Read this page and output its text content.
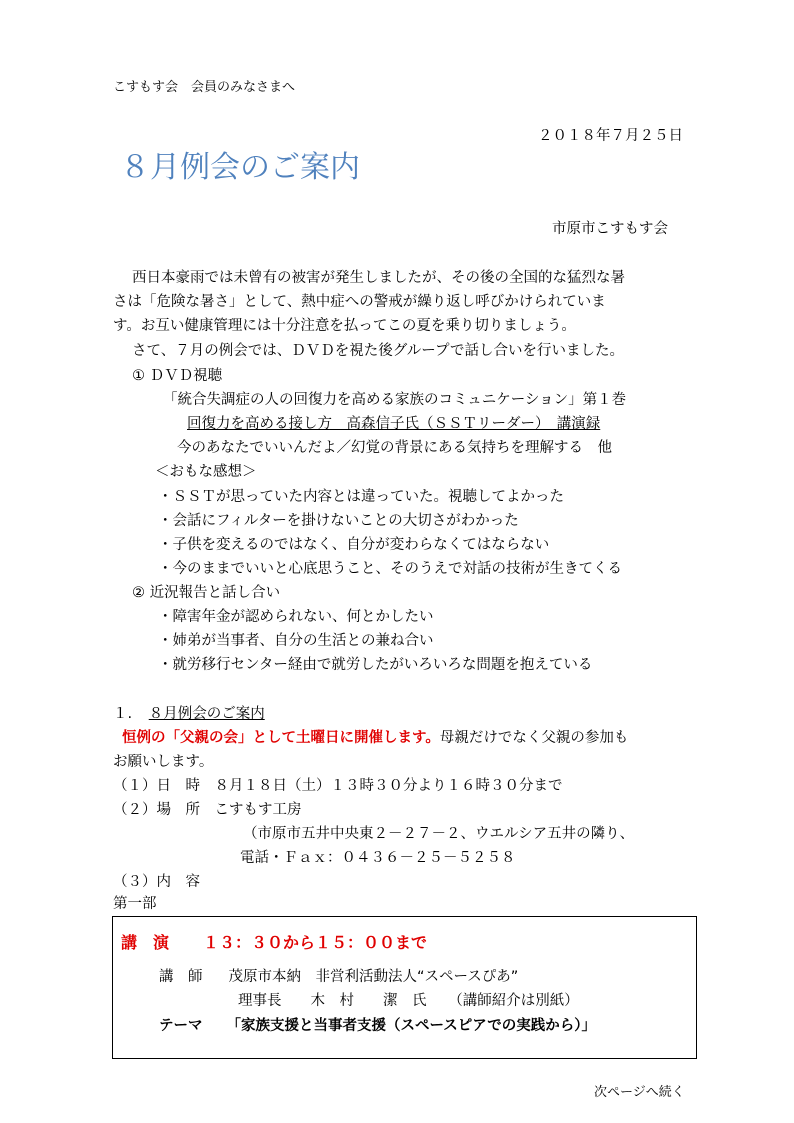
こすもす会　会員のみなさまへ
２０１８年７月２５日
８月例会のご案内
市原市こすもす会
西日本豪雨では未曾有の被害が発生しましたが、その後の全国的な猛烈な暑
さは「危険な暑さ」として、熱中症への警戒が繰り返し呼びかけられていま
す。お互い健康管理には十分注意を払ってこの夏を乗り切りましょう。
さて、７月の例会では、ＤＶＤを視た後グループで話し合いを行いました。
① ＤＶＤ視聴
「統合失調症の人の回復力を高める家族のコミュニケーション」第１巻
回復力を高める接し方　高森信子氏（ＳＳＴリーダー）　講演録
今のあなたでいいんだよ／幻覚の背景にある気持ちを理解する　他
＜おもな感想＞
・ＳＳＴが思っていた内容とは違っていた。視聴してよかった
・会話にフィルターを掛けないことの大切さがわかった
・子供を変えるのではなく、自分が変わらなくてはならない
・今のままでいいと心底思うこと、そのうえで対話の技術が生きてくる
② 近況報告と話し合い
・障害年金が認められない、何とかしたい
・姉弟が当事者、自分の生活との兼ね合い
・就労移行センター経由で就労したがいろいろな問題を抱えている
１. ８月例会のご案内
恒例の「父親の会」として土曜日に開催します。母親だけでなく父親の参加も
お願いします。
（１）日　時　８月１８日（土）１３時３０分より１６時３０分まで
（２）場　所　こすもす工房
（市原市五井中央東２－２７－２、ウエルシア五井の隣り、
電話・Ｆａｘ：０４３６－２５－５２５８
（３）内　容
第一部
講　演 １３：３０から１５：００まで
講　師 茂原市本納　非営利活動法人“スペースぴあ”
理事長　　木　村　　潔　氏　　（講師紹介は別紙）
テーマ 「家族支援と当事者支援（スペースピアでの実践から）」
次ページへ続く
